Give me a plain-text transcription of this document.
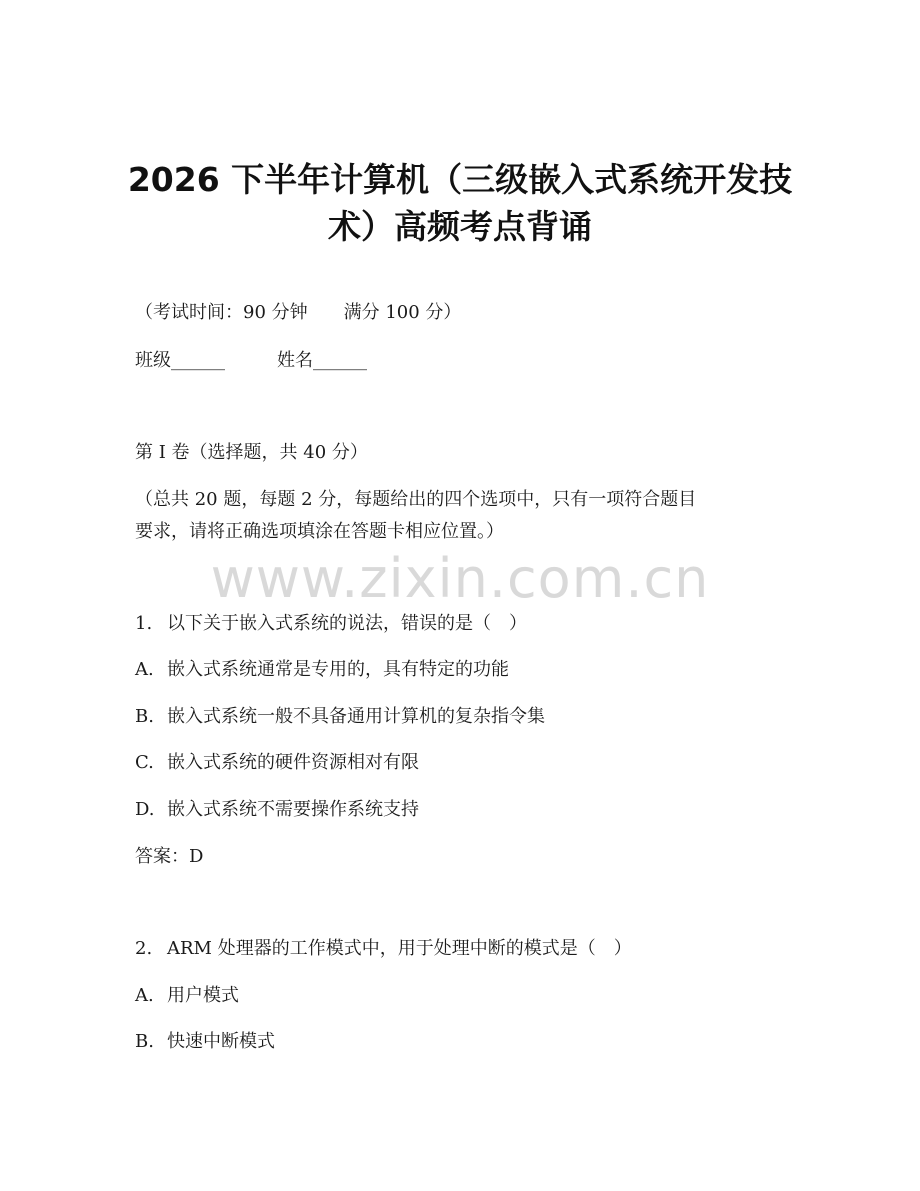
2026 下半年计算机（三级嵌入式系统开发技
术）高频考点背诵
（考试时间：90 分钟　　满分 100 分）
班级______	姓名______
第 I 卷（选择题，共 40 分）
（总共 20 题，每题 2 分，每题给出的四个选项中，只有一项符合题目
要求，请将正确选项填涂在答题卡相应位置。）
www.zixin.com.cn
1. 以下关于嵌入式系统的说法，错误的是（　）
A. 嵌入式系统通常是专用的，具有特定的功能
B. 嵌入式系统一般不具备通用计算机的复杂指令集
C. 嵌入式系统的硬件资源相对有限
D. 嵌入式系统不需要操作系统支持
答案：D
2. ARM 处理器的工作模式中，用于处理中断的模式是（　）
A. 用户模式
B. 快速中断模式
